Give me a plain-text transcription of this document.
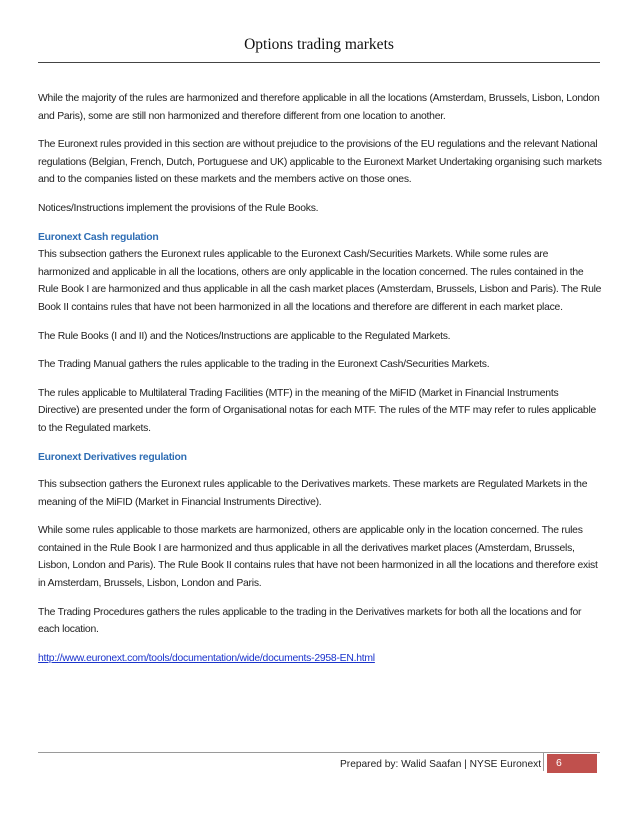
Options trading markets

While the majority of the rules are harmonized and therefore applicable in all the locations (Amsterdam, Brussels, Lisbon, London and Paris), some are still non harmonized and therefore different from one location to another.

The Euronext rules provided in this section are without prejudice to the provisions of the EU regulations and the relevant National regulations (Belgian, French, Dutch, Portuguese and UK) applicable to the Euronext Market Undertaking organising such markets and to the companies listed on these markets and the members active on those ones.

Notices/Instructions implement the provisions of the Rule Books.

Euronext Cash regulation

This subsection gathers the Euronext rules applicable to the Euronext Cash/Securities Markets. While some rules are harmonized and applicable in all the locations, others are only applicable in the location concerned. The rules contained in the Rule Book I are harmonized and thus applicable in all the cash market places (Amsterdam, Brussels, Lisbon and Paris). The Rule Book II contains rules that have not been harmonized in all the locations and therefore are different in each market place.

The Rule Books (I and II) and the Notices/Instructions are applicable to the Regulated Markets.

The Trading Manual gathers the rules applicable to the trading in the Euronext Cash/Securities Markets.

The rules applicable to Multilateral Trading Facilities (MTF) in the meaning of the MiFID (Market in Financial Instruments Directive) are presented under the form of Organisational notas for each MTF. The rules of the MTF may refer to rules applicable to the Regulated markets.

Euronext Derivatives regulation

This subsection gathers the Euronext rules applicable to the Derivatives markets. These markets are Regulated Markets in the meaning of the MiFID (Market in Financial Instruments Directive).

While some rules applicable to those markets are harmonized, others are applicable only in the location concerned. The rules contained in the Rule Book I are harmonized and thus applicable in all the derivatives market places (Amsterdam, Brussels, Lisbon, London and Paris). The Rule Book II contains rules that have not been harmonized in all the locations and therefore exist in Amsterdam, Brussels, Lisbon, London and Paris.

The Trading Procedures gathers the rules applicable to the trading in the Derivatives markets for both all the locations and for each location.

http://www.euronext.com/tools/documentation/wide/documents-2958-EN.html

Prepared by: Walid Saafan | NYSE Euronext	6
